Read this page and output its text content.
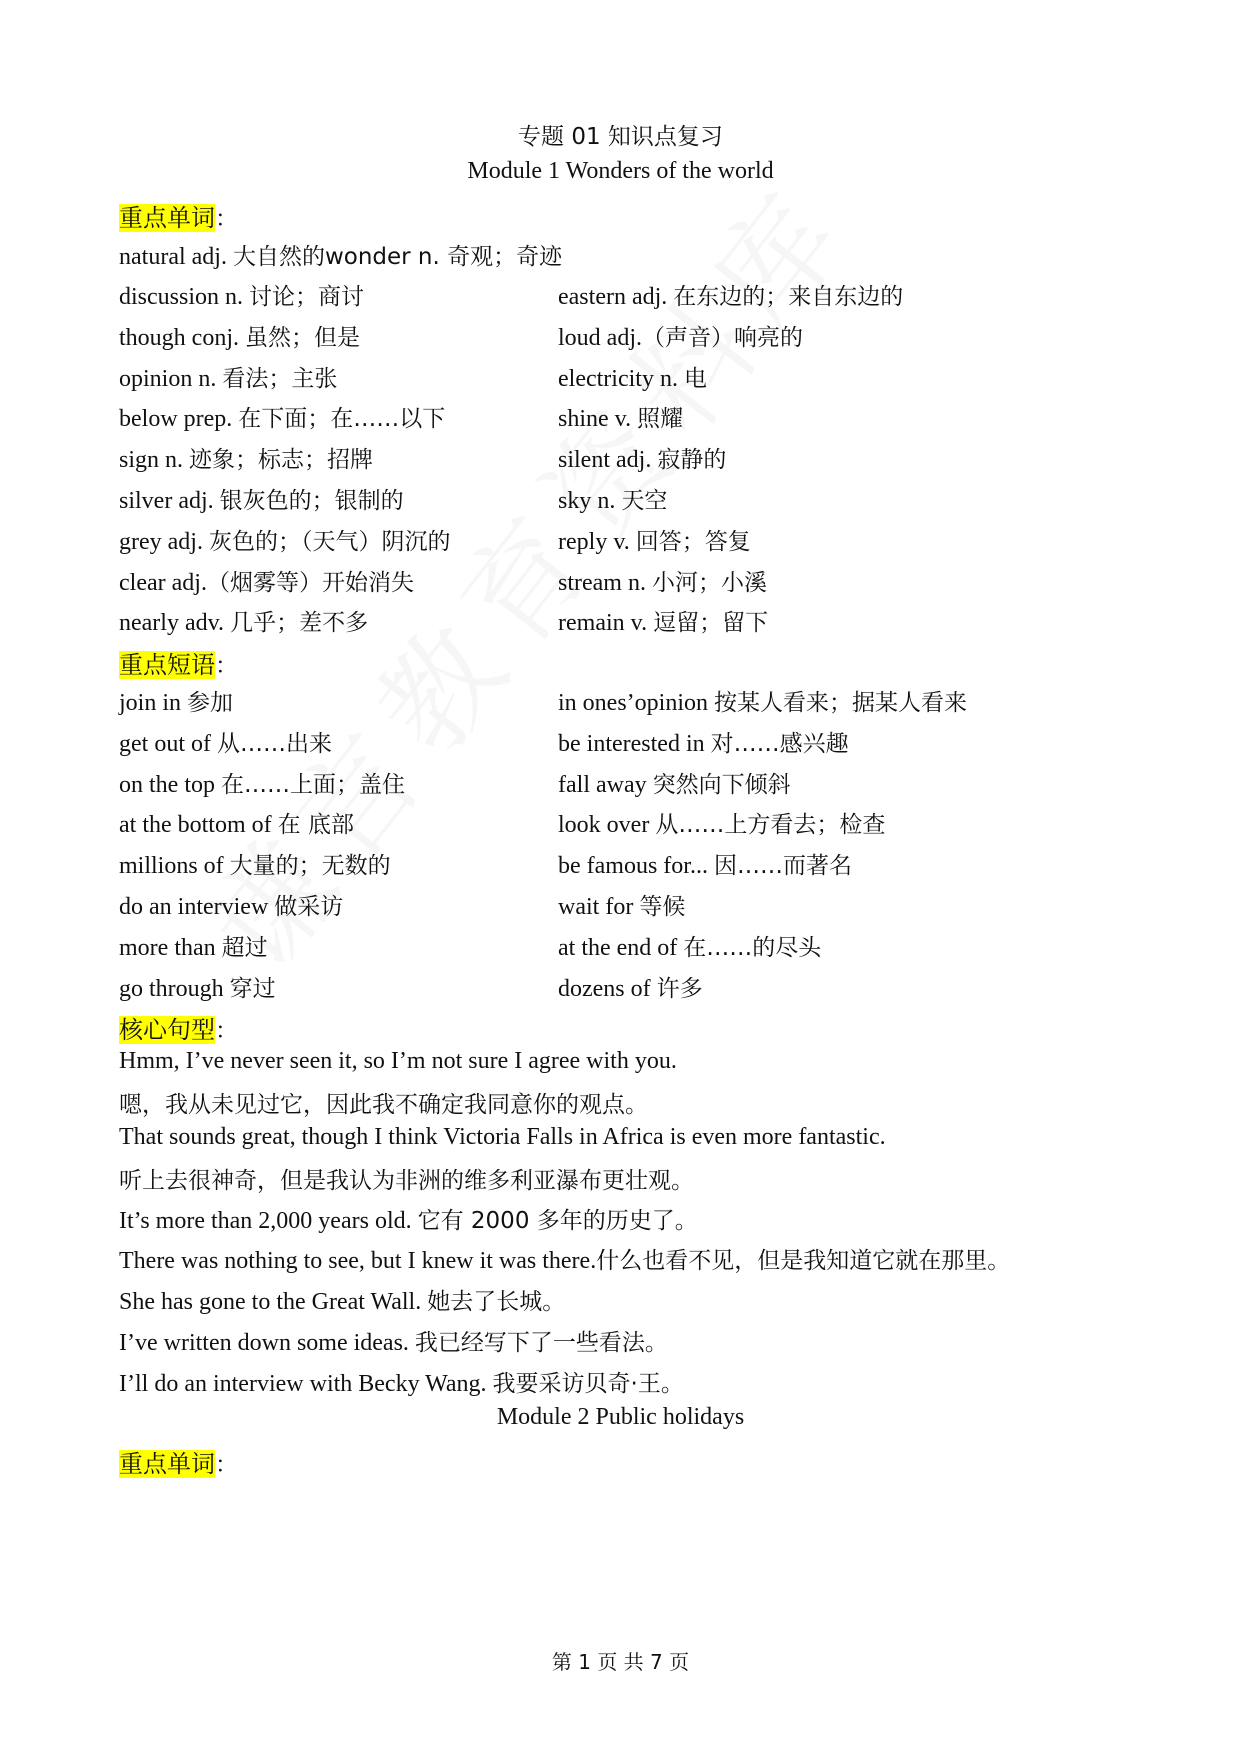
专题 01 知识点复习
Module 1 Wonders of the world
重点单词：
natural adj. 大自然的wonder n. 奇观；奇迹
discussion n. 讨论；商讨	eastern adj. 在东边的；来自东边的
though conj. 虽然；但是	loud adj.（声音）响亮的
opinion n. 看法；主张	electricity n. 电
below prep. 在下面；在……以下	shine v. 照耀
sign n. 迹象；标志；招牌	silent adj. 寂静的
silver adj. 银灰色的；银制的	sky n. 天空
grey adj. 灰色的；（天气）阴沉的	reply v. 回答；答复
clear adj.（烟雾等）开始消失	stream n. 小河；小溪
nearly adv. 几乎；差不多	remain v. 逗留；留下
重点短语：
join in 参加	in ones’opinion 按某人看来；据某人看来
get out of 从……出来	be interested in 对……感兴趣
on the top 在……上面；盖住	fall away 突然向下倾斜
at the bottom of 在 底部	look over 从……上方看去；检查
millions of 大量的；无数的	be famous for... 因……而著名
do an interview 做采访	wait for 等候
more than 超过	at the end of 在……的尽头
go through 穿过	dozens of 许多
核心句型：
Hmm, I’ve never seen it, so I’m not sure I agree with you.
嗯，我从未见过它，因此我不确定我同意你的观点。
That sounds great, though I think Victoria Falls in Africa is even more fantastic.
听上去很神奇，但是我认为非洲的维多利亚瀑布更壮观。
It’s more than 2,000 years old. 它有 2000 多年的历史了。
There was nothing to see, but I knew it was there.什么也看不见，但是我知道它就在那里。
She has gone to the Great Wall. 她去了长城。
I’ve written down some ideas. 我已经写下了一些看法。
I’ll do an interview with Becky Wang. 我要采访贝奇·王。
Module 2 Public holidays
重点单词：
第 1 页 共 7 页
